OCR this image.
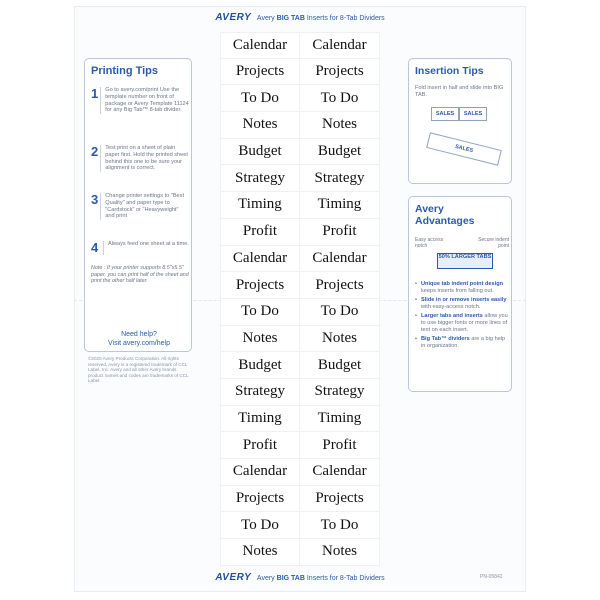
AVERY Avery BIG TAB Inserts for 8-Tab Dividers
Calendar	Calendar
Projects	Projects
To Do	To Do
Notes	Notes
Budget	Budget
Strategy	Strategy
Timing	Timing
Profit	Profit
Calendar	Calendar
Projects	Projects
To Do	To Do
Notes	Notes
Budget	Budget
Strategy	Strategy
Timing	Timing
Profit	Profit
Calendar	Calendar
Projects	Projects
To Do	To Do
Notes	Notes
Printing Tips
1	Go to avery.com/print Use the template number on front of package or Avery Template 11124 for any Big Tab™ 8-tab divider.
2	Test print on a sheet of plain paper first. Hold the printed sheet behind this one to be sure your alignment is correct.
3	Change printer settings to "Best Quality" and paper type to "Cardstock" or "Heavyweight" and print
4	Always feed one sheet at a time.
Note : If your printer supports 8.5"x5.5" paper, you can print half of the sheet and print the other half later.
Need help?
Visit avery.com/help
©2020 Avery Products Corporation. All rights reserved. Avery is a registered trademark of CCL Label, Inc. Avery and all other Avery brands product names and codes are trademarks of CCL Label.
Insertion Tips
Fold insert in half and slide into BIG TAB.
SALES	SALES
SALES
Avery
Advantages
Easy access notch
Secure indent point
50% LARGER TABS
• Unique tab indent point design keeps inserts from falling out.
• Slide in or remove inserts easily with easy-access notch.
• Larger tabs and inserts allow you to use bigger fonts or more lines of text on each insert.
• Big Tab™ dividers are a big help in organization.
AVERY Avery BIG TAB Inserts for 8-Tab Dividers	PN-05842
